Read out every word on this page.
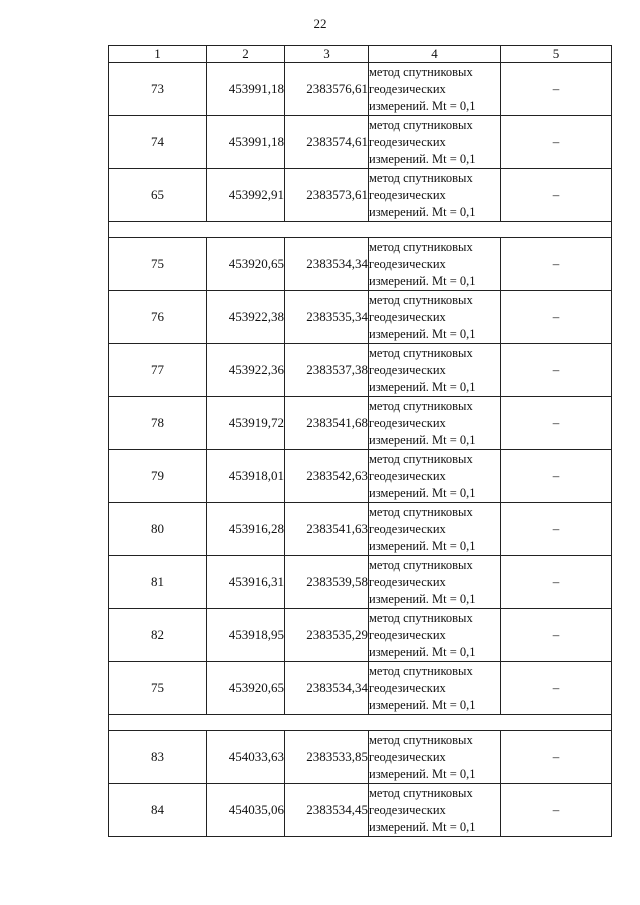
22
1	2	3	4	5
73	453991,18	2383576,61	метод спутниковых
геодезических
измерений. Mt = 0,1	–
74	453991,18	2383574,61	метод спутниковых
геодезических
измерений. Mt = 0,1	–
65	453992,91	2383573,61	метод спутниковых
геодезических
измерений. Mt = 0,1	–

75	453920,65	2383534,34	метод спутниковых
геодезических
измерений. Mt = 0,1	–
76	453922,38	2383535,34	метод спутниковых
геодезических
измерений. Mt = 0,1	–
77	453922,36	2383537,38	метод спутниковых
геодезических
измерений. Mt = 0,1	–
78	453919,72	2383541,68	метод спутниковых
геодезических
измерений. Mt = 0,1	–
79	453918,01	2383542,63	метод спутниковых
геодезических
измерений. Mt = 0,1	–
80	453916,28	2383541,63	метод спутниковых
геодезических
измерений. Mt = 0,1	–
81	453916,31	2383539,58	метод спутниковых
геодезических
измерений. Mt = 0,1	–
82	453918,95	2383535,29	метод спутниковых
геодезических
измерений. Mt = 0,1	–
75	453920,65	2383534,34	метод спутниковых
геодезических
измерений. Mt = 0,1	–

83	454033,63	2383533,85	метод спутниковых
геодезических
измерений. Mt = 0,1	–
84	454035,06	2383534,45	метод спутниковых
геодезических
измерений. Mt = 0,1	–
